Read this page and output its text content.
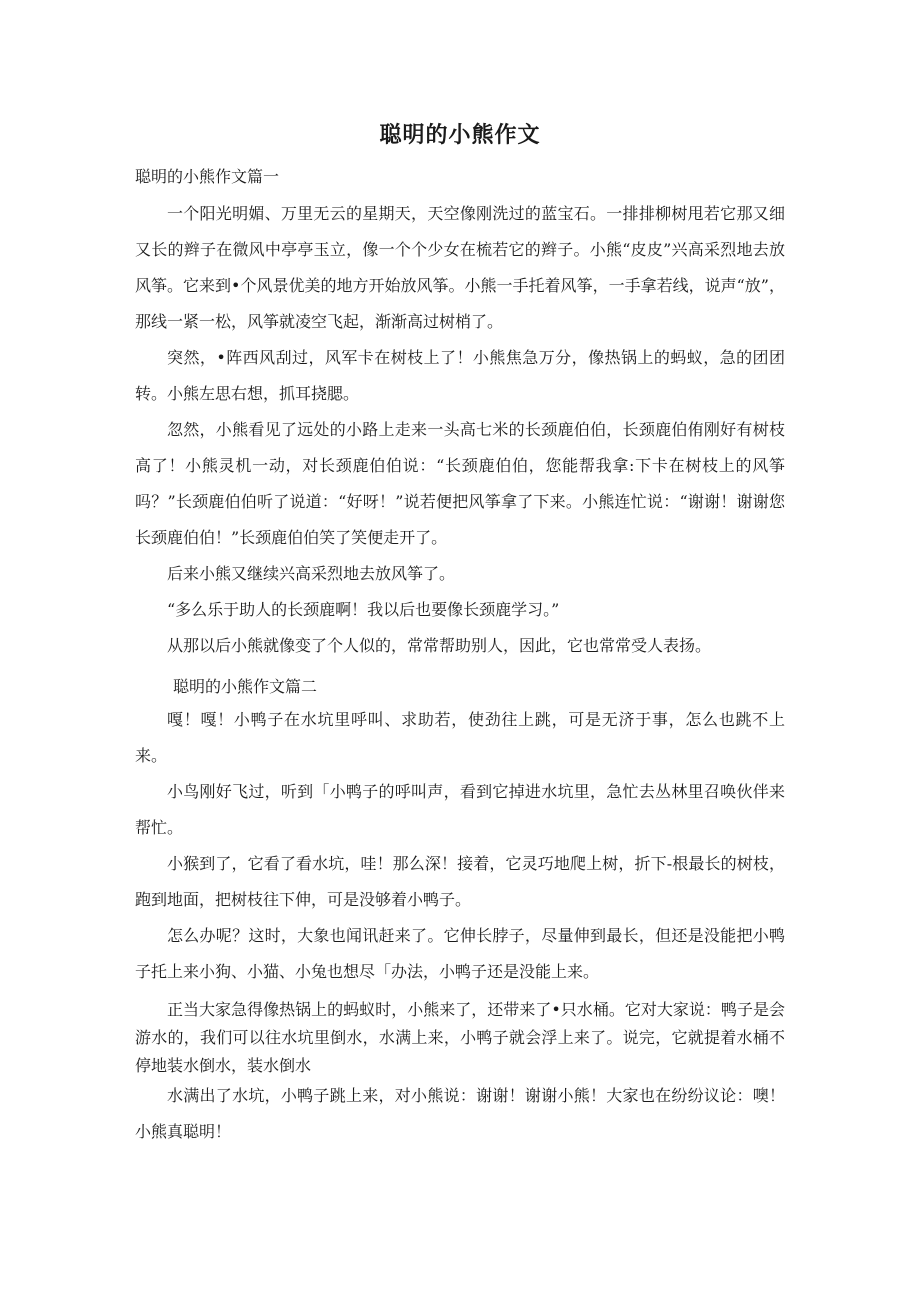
聪明的小熊作文

聪明的小熊作文篇一

一个阳光明媚、万里无云的星期天，天空像刚洗过的蓝宝石。一排排柳树甩若它那又细又长的辫子在微风中亭亭玉立，像一个个少女在梳若它的辫子。小熊“皮皮”兴高采烈地去放风筝。它来到•个风景优美的地方开始放风筝。小熊一手托着风筝，一手拿若线，说声“放”，那线一紧一松，风筝就凌空飞起，渐渐高过树梢了。

突然，•阵西风刮过，风军卡在树枝上了！小熊焦急万分，像热锅上的蚂蚁，急的团团转。小熊左思右想，抓耳挠腮。

忽然，小熊看见了远处的小路上走来一头高七米的长颈鹿伯伯，长颈鹿伯侑刚好有树枝高了！小熊灵机一动，对长颈鹿伯伯说：“长颈鹿伯伯，您能帮我拿:下卡在树枝上的风筝吗？”长颈鹿伯伯听了说道：“好呀！”说若便把风筝拿了下来。小熊连忙说：“谢谢！谢谢您长颈鹿伯伯！”长颈鹿伯伯笑了笑便走开了。

后来小熊又继续兴高采烈地去放风筝了。

“多么乐于助人的长颈鹿啊！我以后也要像长颈鹿学习。”

从那以后小熊就像变了个人似的，常常帮助别人，因此，它也常常受人表扬。

聪明的小熊作文篇二

嘎！嘎！小鸭子在水坑里呼叫、求助若，使劲往上跳，可是无济于事，怎么也跳不上来。

小鸟刚好飞过，听到「小鸭子的呼叫声，看到它掉进水坑里，急忙去丛林里召唤伙伴来帮忙。

小猴到了，它看了看水坑，哇！那么深！接着，它灵巧地爬上树，折下-根最长的树枝，跑到地面，把树枝往下伸，可是没够着小鸭子。

怎么办呢？这时，大象也闻讯赶来了。它伸长脖子，尽量伸到最长，但还是没能把小鸭子托上来小狗、小猫、小兔也想尽「办法，小鸭子还是没能上来。

正当大家急得像热锅上的蚂蚁时，小熊来了，还带来了•只水桶。它对大家说：鸭子是会游水的，我们可以往水坑里倒水，水满上来，小鸭子就会浮上来了。说完，它就提着水桶不停地装水倒水，装水倒水

水满出了水坑，小鸭子跳上来，对小熊说：谢谢！谢谢小熊！大家也在纷纷议论：噢！小熊真聪明！
